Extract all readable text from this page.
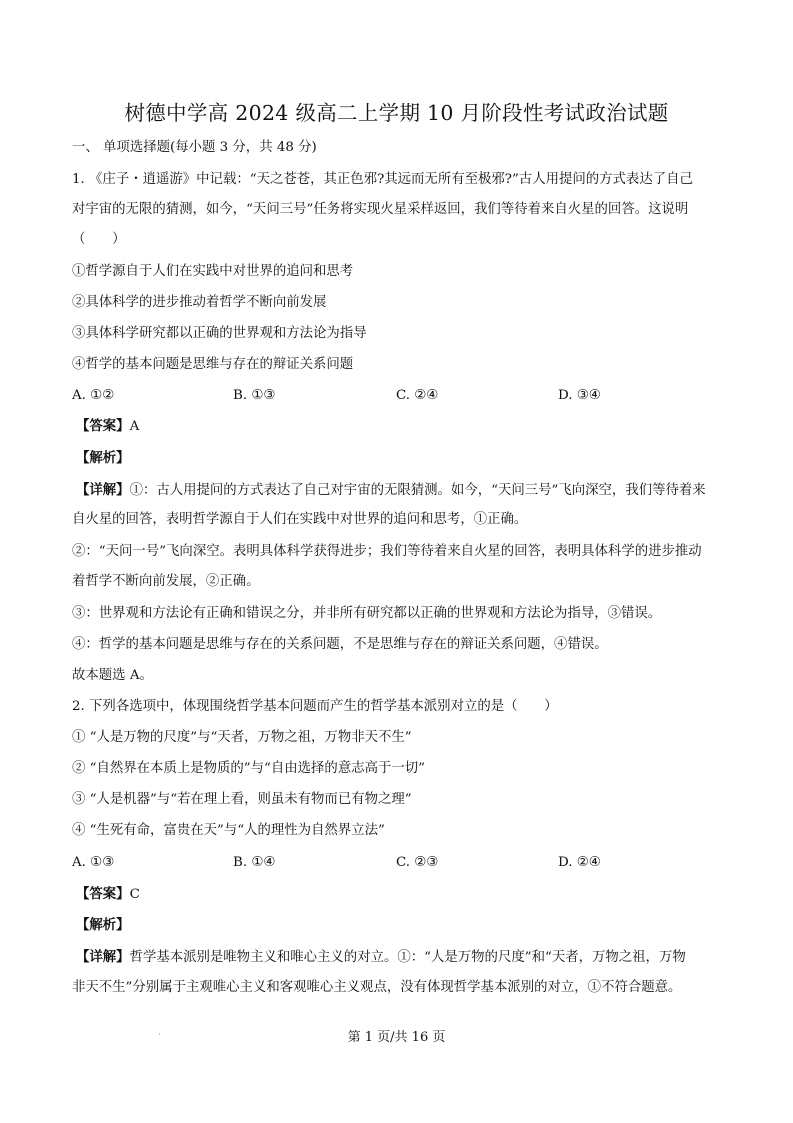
树德中学高 2024 级高二上学期 10 月阶段性考试政治试题
一、 单项选择题(每小题 3 分，共 48 分)
1. 《庄子・逍遥游》中记载：“天之苍苍，其正色邪?其远而无所有至极邪?”古人用提问的方式表达了自己
对宇宙的无限的猜测，如今，“天问三号”任务将实现火星采样返回，我们等待着来自火星的回答。这说明
（　　）
①哲学源自于人们在实践中对世界的追问和思考
②具体科学的进步推动着哲学不断向前发展
③具体科学研究都以正确的世界观和方法论为指导
④哲学的基本问题是思维与存在的辩证关系问题
A. ①②	B. ①③	C. ②④	D. ③④
【答案】A
【解析】
【详解】①：古人用提问的方式表达了自己对宇宙的无限猜测。如今，“天问三号”飞向深空，我们等待着来
自火星的回答，表明哲学源自于人们在实践中对世界的追问和思考，①正确。
②：“天问一号”飞向深空。表明具体科学获得进步；我们等待着来自火星的回答，表明具体科学的进步推动
着哲学不断向前发展，②正确。
③：世界观和方法论有正确和错误之分，并非所有研究都以正确的世界观和方法论为指导，③错误。
④：哲学的基本问题是思维与存在的关系问题，不是思维与存在的辩证关系问题，④错误。
故本题选 A。
2. 下列各选项中，体现围绕哲学基本问题而产生的哲学基本派别对立的是（　　）
① “人是万物的尺度”与“天者，万物之祖，万物非天不生”
② “自然界在本质上是物质的”与“自由选择的意志高于一切”
③ “人是机器”与“若在理上看，则虽未有物而已有物之理”
④ “生死有命，富贵在天”与“人的理性为自然界立法”
A. ①③	B. ①④	C. ②③	D. ②④
【答案】C
【解析】
【详解】哲学基本派别是唯物主义和唯心主义的对立。①：“人是万物的尺度”和“天者，万物之祖，万物
非天不生”分别属于主观唯心主义和客观唯心主义观点，没有体现哲学基本派别的对立，①不符合题意。
·	第 1 页/共 16 页
